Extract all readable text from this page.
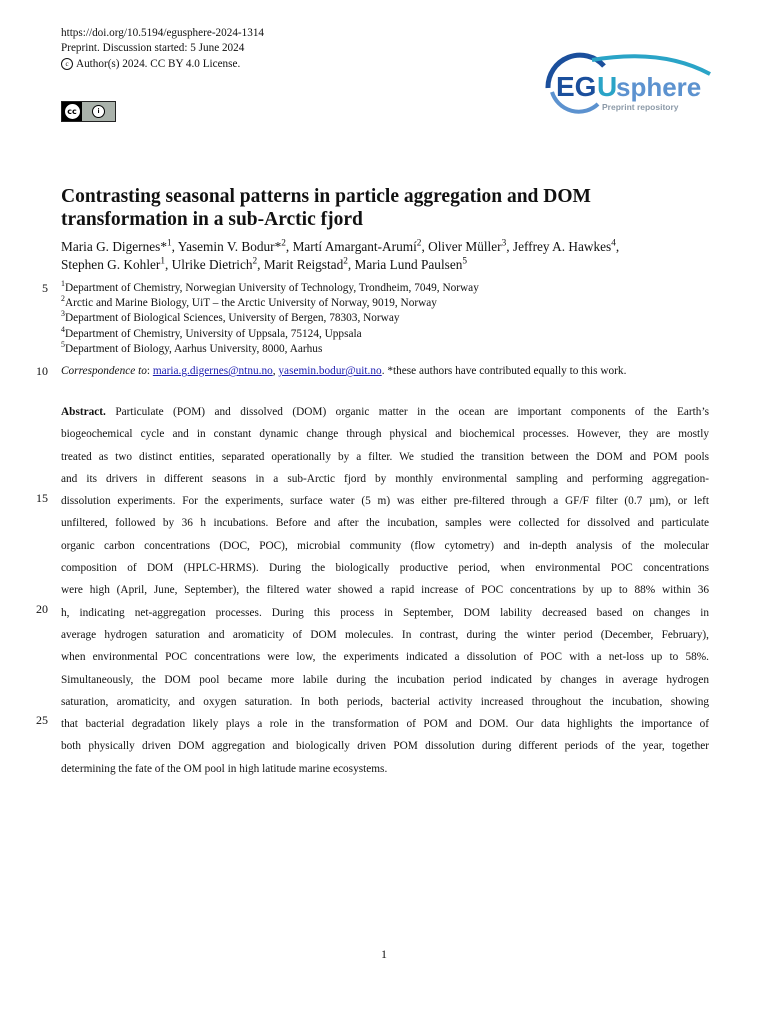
https://doi.org/10.5194/egusphere-2024-1314
Preprint. Discussion started: 5 June 2024
c Author(s) 2024. CC BY 4.0 License.
cc	i
EG U
sphere
Preprint repository
Contrasting seasonal patterns in particle aggregation and DOM
transformation in a sub-Arctic fjord
Maria G. Digernes*$^1$, Yasemin V. Bodur*$^2$, Martí Amargant-Arumí$^2$, Oliver Müller$^3$, Jeffrey A. Hawkes$^4$,
Stephen G. Kohler$^1$, Ulrike Dietrich$^2$, Marit Reigstad$^2$, Maria Lund Paulsen$^5$
5 $^1$Department of Chemistry, Norwegian University of Technology, Trondheim, 7049, Norway
$^2$Arctic and Marine Biology, UiT – the Arctic University of Norway, 9019, Norway
$^3$Department of Biological Sciences, University of Bergen, 78303, Norway
$^4$Department of Chemistry, University of Uppsala, 75124, Uppsala
$^5$Department of Biology, Aarhus University, 8000, Aarhus
10 Correspondence to: maria.g.digernes@ntnu.no, yasemin.bodur@uit.no. *these authors have contributed equally to this work.
15
20
25
Abstract. Particulate (POM) and dissolved (DOM) organic matter in the ocean are important components of the Earth’s
biogeochemical cycle and in constant dynamic change through physical and biochemical processes. However, they are mostly
treated as two distinct entities, separated operationally by a filter. We studied the transition between the DOM and POM pools
and its drivers in different seasons in a sub-Arctic fjord by monthly environmental sampling and performing aggregation-
dissolution experiments. For the experiments, surface water (5 m) was either pre-filtered through a GF/F filter (0.7 µm), or left
unfiltered, followed by 36 h incubations. Before and after the incubation, samples were collected for dissolved and particulate
organic carbon concentrations (DOC, POC), microbial community (flow cytometry) and in-depth analysis of the molecular
composition of DOM (HPLC-HRMS). During the biologically productive period, when environmental POC concentrations
were high (April, June, September), the filtered water showed a rapid increase of POC concentrations by up to 88% within 36
h, indicating net-aggregation processes. During this process in September, DOM lability decreased based on changes in
average hydrogen saturation and aromaticity of DOM molecules. In contrast, during the winter period (December, February),
when environmental POC concentrations were low, the experiments indicated a dissolution of POC with a net-loss up to 58%.
Simultaneously, the DOM pool became more labile during the incubation period indicated by changes in average hydrogen
saturation, aromaticity, and oxygen saturation. In both periods, bacterial activity increased throughout the incubation, showing
that bacterial degradation likely plays a role in the transformation of POM and DOM. Our data highlights the importance of
both physically driven DOM aggregation and biologically driven POM dissolution during different periods of the year, together
determining the fate of the OM pool in high latitude marine ecosystems.
1
